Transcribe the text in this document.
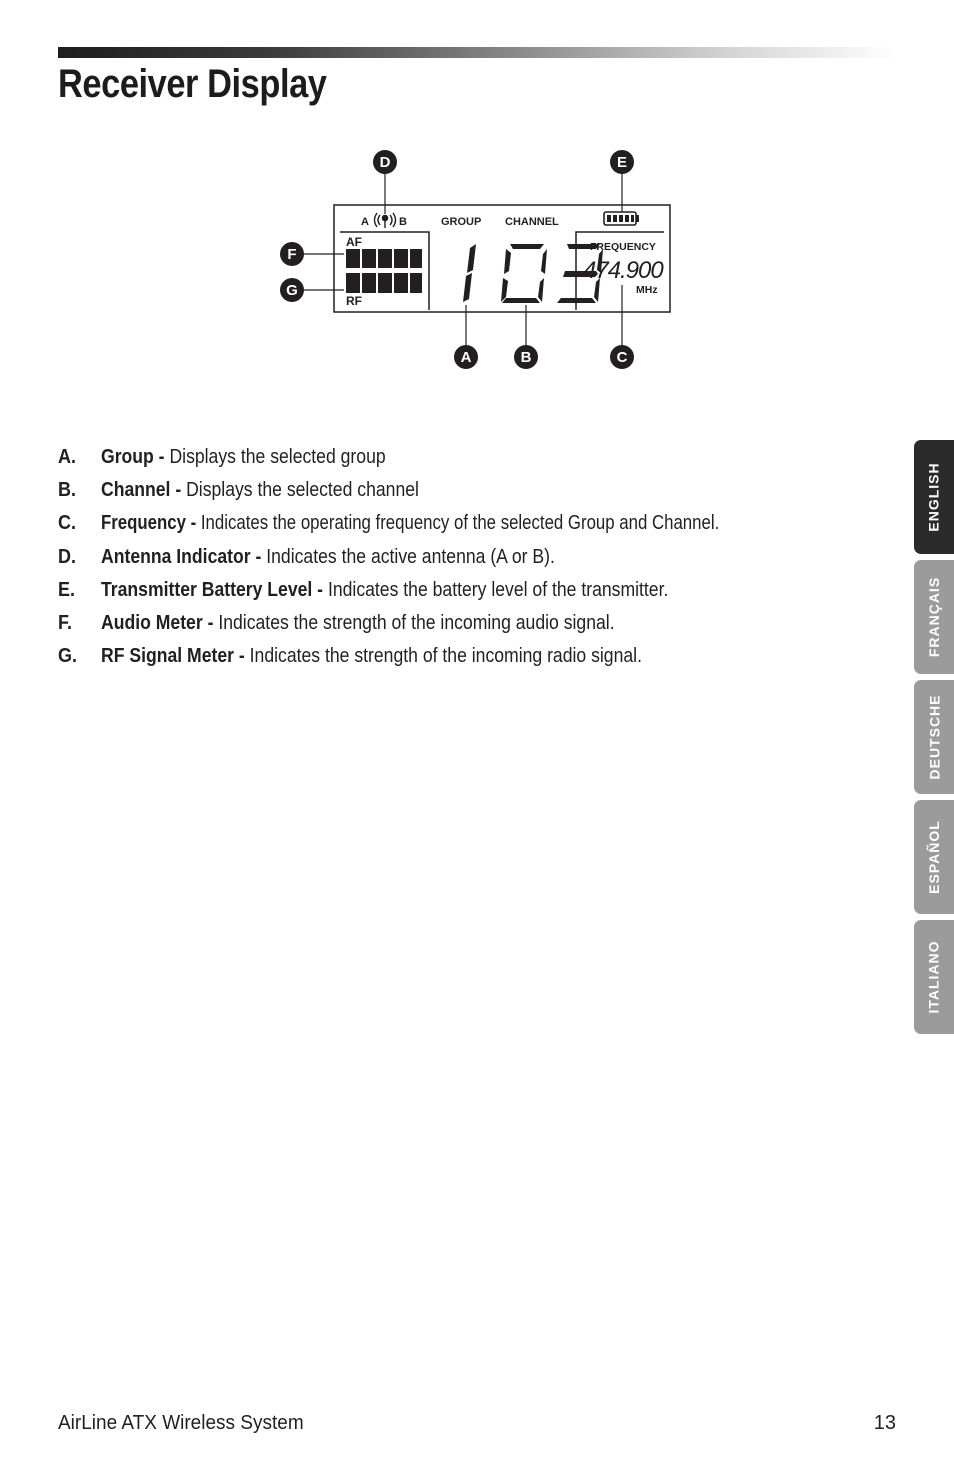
Receiver Display
A	B	GROUP CHANNEL
AF
RF
FREQUENCY
474.900
MHz
D	E
F
G
A	B	C
A.	Group - Displays the selected group
B.	Channel - Displays the selected channel
C.	Frequency - Indicates the operating frequency of the selected Group and Channel.
D.	Antenna Indicator - Indicates the active antenna (A or B).
E.	Transmitter Battery Level - Indicates the battery level of the transmitter.
F.	Audio Meter - Indicates the strength of the incoming audio signal.
G.	RF Signal Meter - Indicates the strength of the incoming radio signal.
ENGLISH
FRANÇAIS
DEUTSCHE
ESPAÑOL
ITALIANO
AirLine ATX Wireless System	13
